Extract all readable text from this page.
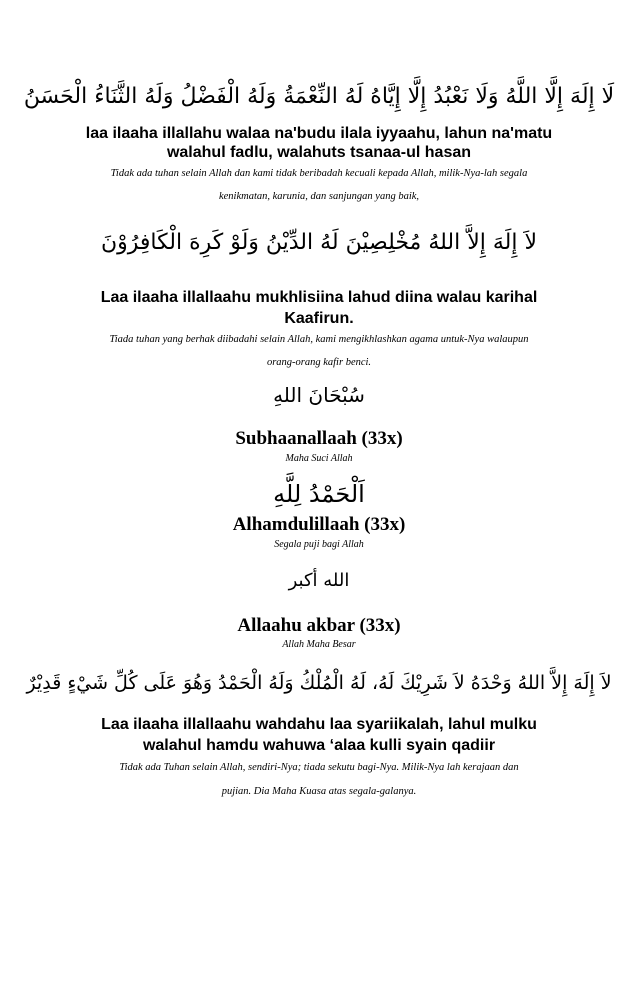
لَا إِلَهَ إِلَّا اللَّهُ وَلَا نَعْبُدُ إِلَّا إِيَّاهُ لَهُ النِّعْمَةُ وَلَهُ الْفَضْلُ وَلَهُ الثَّنَاءُ الْحَسَنُ
laa ilaaha illallahu walaa na'budu ilala iyyaahu, lahun na'matu
walahul fadlu, walahuts tsanaa-ul hasan
Tidak ada tuhan selain Allah dan kami tidak beribadah kecuali kepada Allah, milik-Nya-lah segala
kenikmatan, karunia, dan sanjungan yang baik,
لاَ إِلَهَ إِلاَّ اللهُ مُخْلِصِيْنَ لَهُ الدِّيْنُ وَلَوْ كَرِهَ الْكَافِرُوْنَ
Laa ilaaha illallaahu mukhlisiina lahud diina walau karihal
Kaafirun.
Tiada tuhan yang berhak diibadahi selain Allah, kami mengikhlashkan agama untuk-Nya walaupun
orang-orang kafir benci.
سُبْحَانَ اللهِ
Subhaanallaah (33x)
Maha Suci Allah
اَلْحَمْدُ لِلَّهِ
Alhamdulillaah (33x)
Segala puji bagi Allah
الله أكبر
Allaahu akbar (33x)
Allah Maha Besar
لاَ إِلَهَ إِلاَّ اللهُ وَحْدَهُ لاَ شَرِيْكَ لَهُ، لَهُ الْمُلْكُ وَلَهُ الْحَمْدُ وَهُوَ عَلَى كُلِّ شَيْءٍ قَدِيْرٌ
Laa ilaaha illallaahu wahdahu laa syariikalah, lahul mulku
walahul hamdu wahuwa ‘alaa kulli syain qadiir
Tidak ada Tuhan selain Allah, sendiri-Nya; tiada sekutu bagi-Nya. Milik-Nya lah kerajaan dan
pujian. Dia Maha Kuasa atas segala-galanya.
